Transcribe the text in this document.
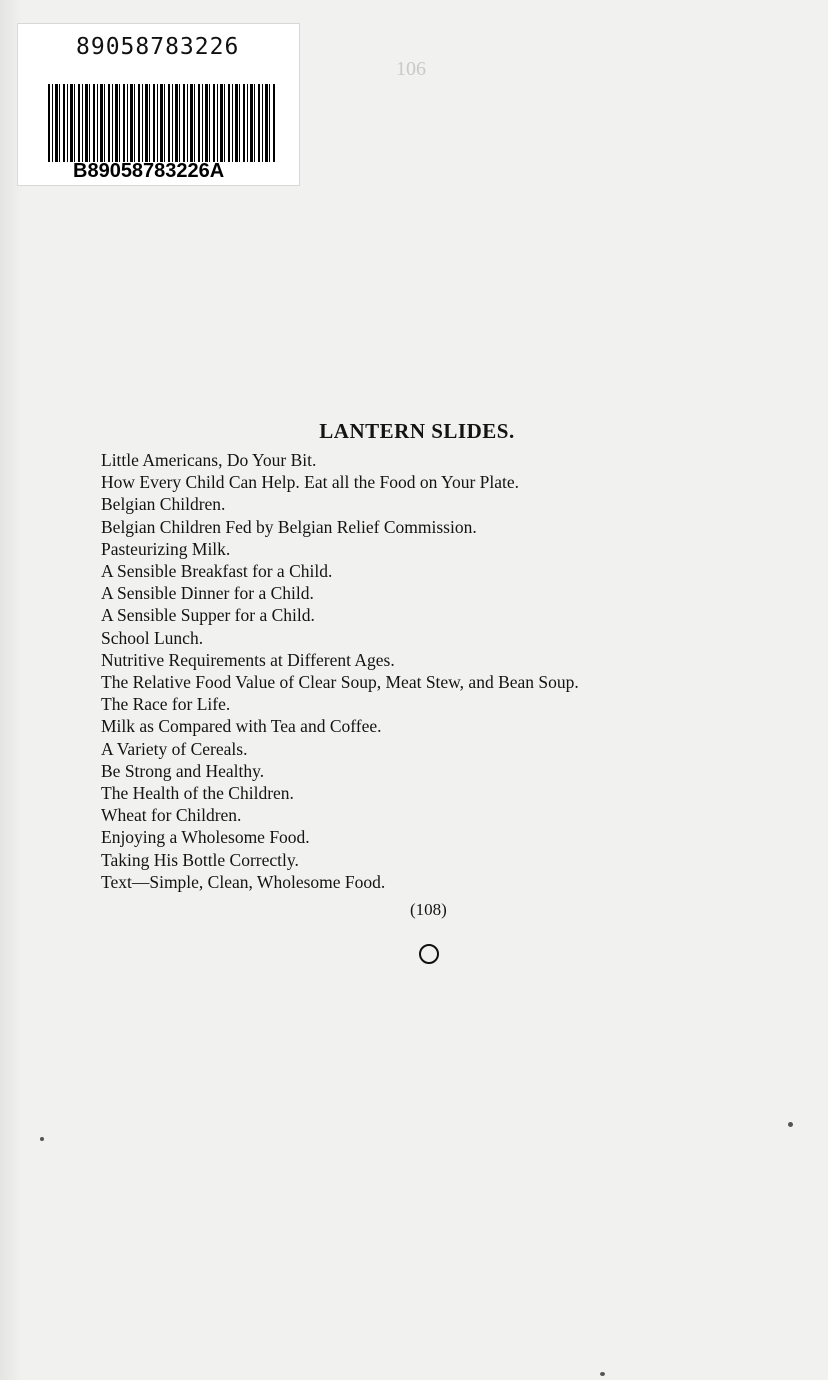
106
89058783226
B89058783226A
LANTERN SLIDES.
Little Americans, Do Your Bit.
How Every Child Can Help. Eat all the Food on Your Plate.
Belgian Children.
Belgian Children Fed by Belgian Relief Commission.
Pasteurizing Milk.
A Sensible Breakfast for a Child.
A Sensible Dinner for a Child.
A Sensible Supper for a Child.
School Lunch.
Nutritive Requirements at Different Ages.
The Relative Food Value of Clear Soup, Meat Stew, and Bean Soup.
The Race for Life.
Milk as Compared with Tea and Coffee.
A Variety of Cereals.
Be Strong and Healthy.
The Health of the Children.
Wheat for Children.
Enjoying a Wholesome Food.
Taking His Bottle Correctly.
Text—Simple, Clean, Wholesome Food.
(108)
